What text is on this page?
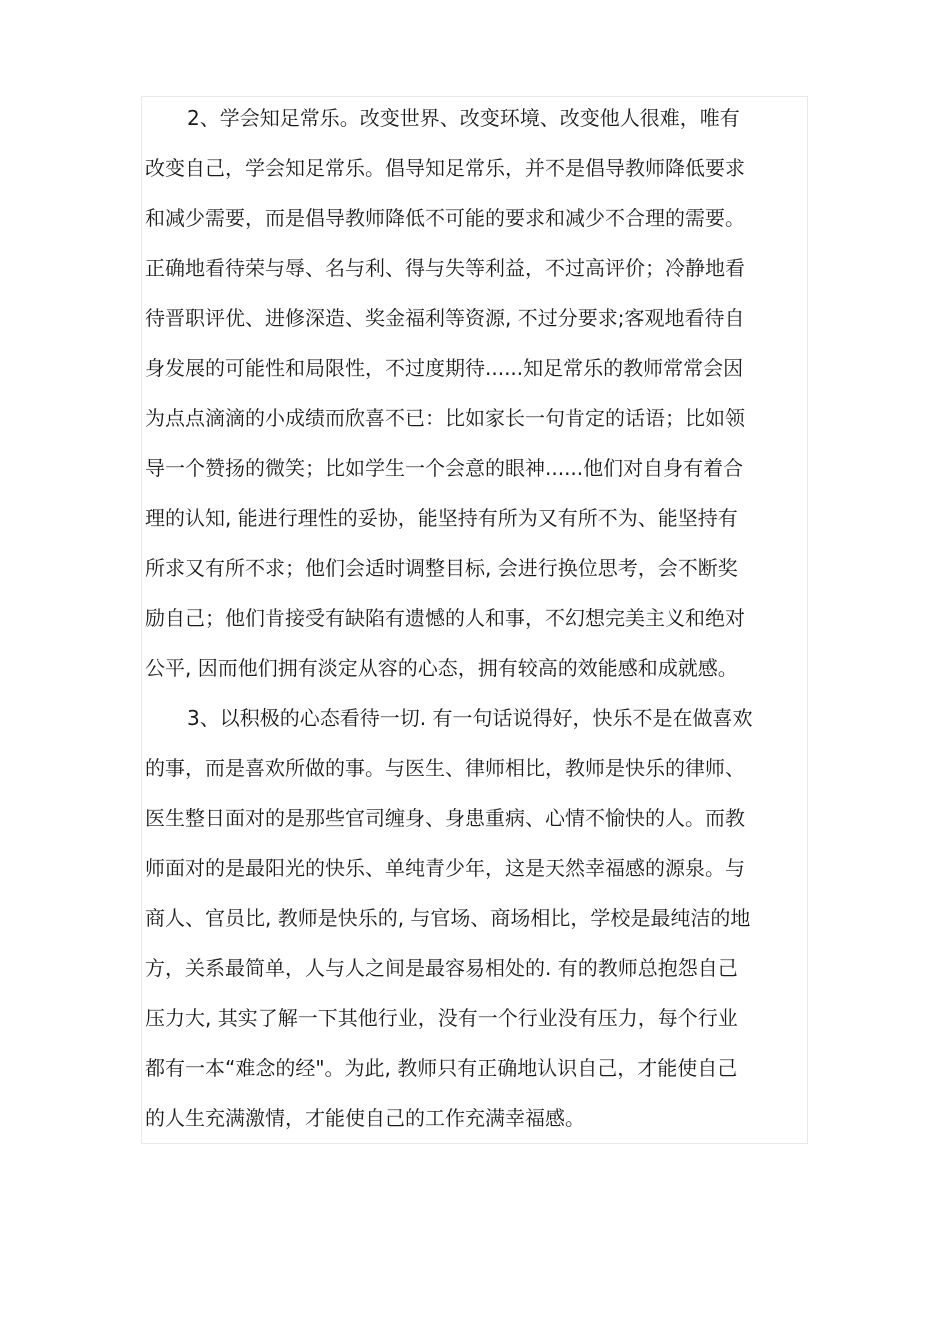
2、学会知足常乐。改变世界、改变环境、改变他人很难，唯有
改变自己，学会知足常乐。倡导知足常乐，并不是倡导教师降低要求
和减少需要，而是倡导教师降低不可能的要求和减少不合理的需要。
正确地看待荣与辱、名与利、得与失等利益，不过高评价；冷静地看
待晋职评优、进修深造、奖金福利等资源, 不过分要求;客观地看待自
身发展的可能性和局限性，不过度期待......知足常乐的教师常常会因
为点点滴滴的小成绩而欣喜不已：比如家长一句肯定的话语；比如领
导一个赞扬的微笑；比如学生一个会意的眼神......他们对自身有着合
理的认知, 能进行理性的妥协，能坚持有所为又有所不为、能坚持有
所求又有所不求；他们会适时调整目标, 会进行换位思考，会不断奖
励自己；他们肯接受有缺陷有遗憾的人和事，不幻想完美主义和绝对
公平, 因而他们拥有淡定从容的心态，拥有较高的效能感和成就感。
3、以积极的心态看待一切. 有一句话说得好，快乐不是在做喜欢
的事，而是喜欢所做的事。与医生、律师相比，教师是快乐的律师、
医生整日面对的是那些官司缠身、身患重病、心情不愉快的人。而教
师面对的是最阳光的快乐、单纯青少年，这是天然幸福感的源泉。与
商人、官员比, 教师是快乐的, 与官场、商场相比，学校是最纯洁的地
方，关系最简单，人与人之间是最容易相处的. 有的教师总抱怨自己
压力大, 其实了解一下其他行业，没有一个行业没有压力，每个行业
都有一本“难念的经"。为此, 教师只有正确地认识自己，才能使自己
的人生充满激情，才能使自己的工作充满幸福感。
